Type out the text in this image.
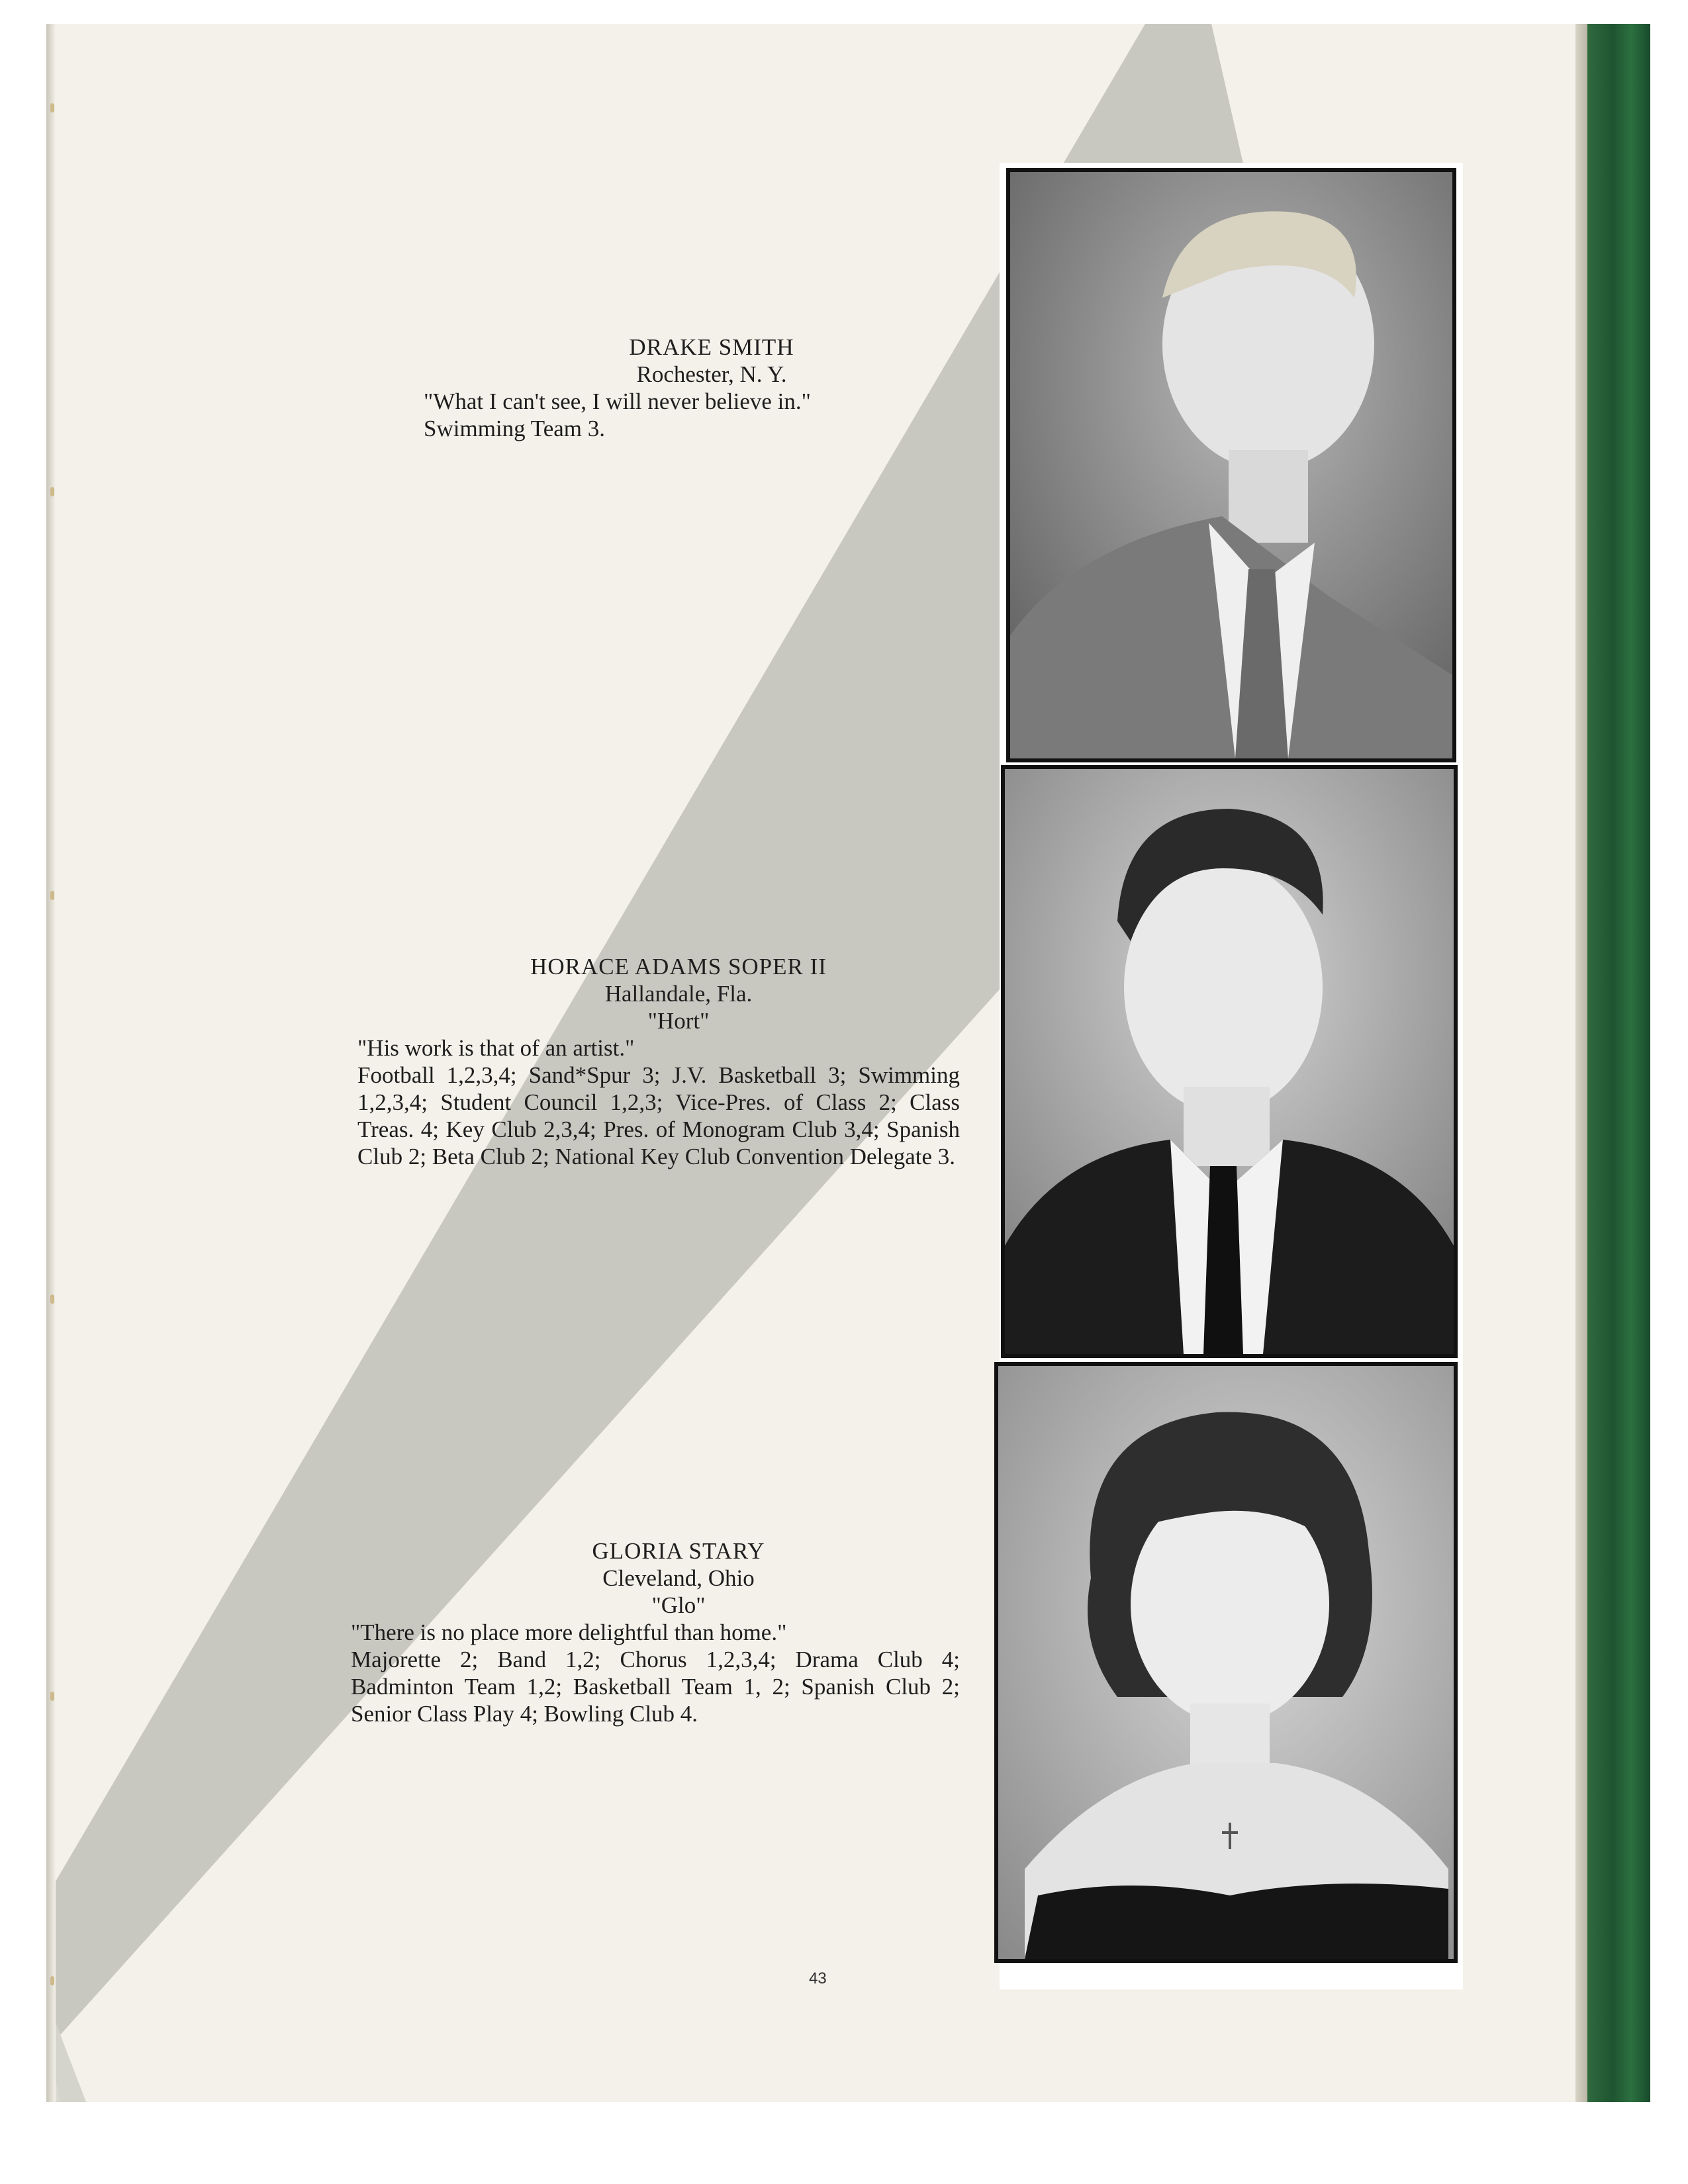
DRAKE SMITH
Rochester, N. Y.
"What I can't see, I will never believe in."
Swimming Team 3.
HORACE ADAMS SOPER II
Hallandale, Fla.
"Hort"
"His work is that of an artist."
Football 1,2,3,4; Sand*Spur 3; J.V. Basketball 3; Swimming 1,2,3,4; Student Council 1,2,3; Vice-Pres. of Class 2; Class Treas. 4; Key Club 2,3,4; Pres. of Monogram Club 3,4; Spanish Club 2; Beta Club 2; National Key Club Convention Delegate 3.
GLORIA STARY
Cleveland, Ohio
"Glo"
"There is no place more delightful than home."
Majorette 2; Band 1,2; Chorus 1,2,3,4; Drama Club 4; Badminton Team 1,2; Basketball Team 1, 2; Spanish Club 2; Senior Class Play 4; Bowling Club 4.
43
